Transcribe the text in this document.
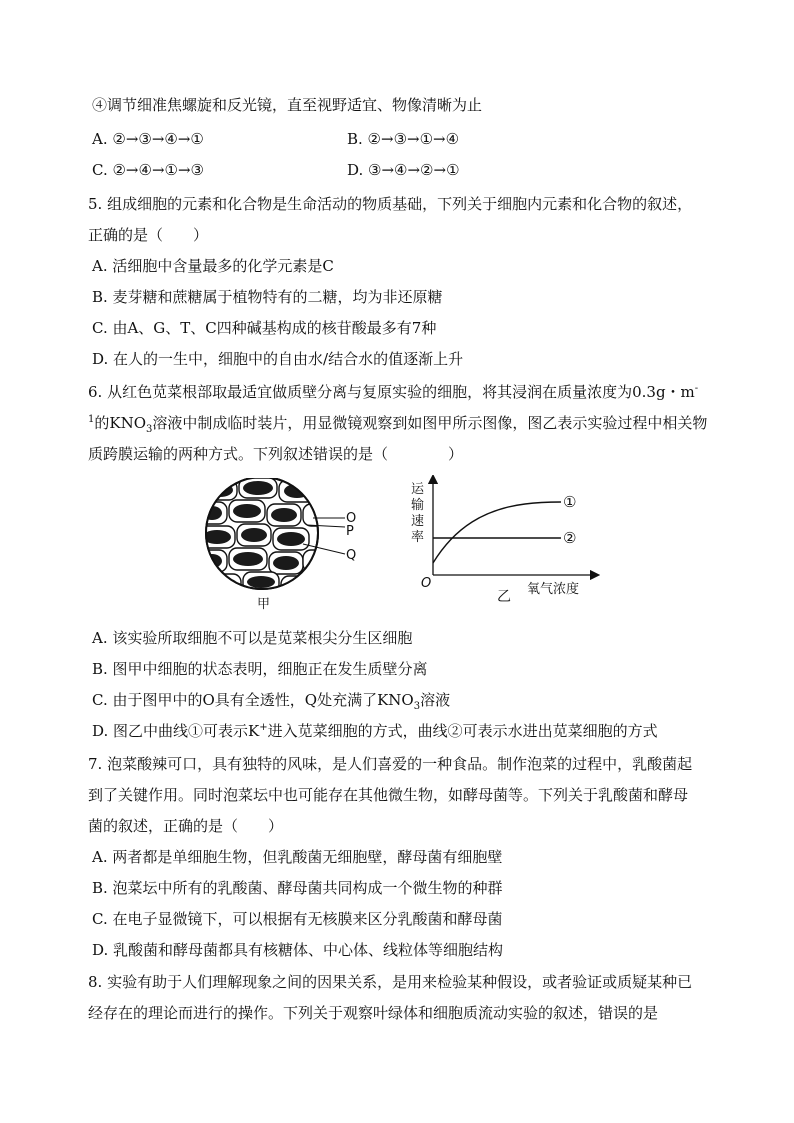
④调节细准焦螺旋和反光镜，直至视野适宜、物像清晰为止
A. ②→③→④→①	B. ②→③→①→④
C. ②→④→①→③	D. ③→④→②→①
5. 组成细胞的元素和化合物是生命活动的物质基础，下列关于细胞内元素和化合物的叙述，
正确的是（　　）
A. 活细胞中含量最多的化学元素是C
B. 麦芽糖和蔗糖属于植物特有的二糖，均为非还原糖
C. 由A、G、T、C四种碱基构成的核苷酸最多有7种
D. 在人的一生中，细胞中的自由水/结合水的值逐渐上升
6. 从红色苋菜根部取最适宜做质壁分离与复原实验的细胞，将其浸润在质量浓度为0.3g・m-
$^1$的$KNO_3$溶液中制成临时装片，用显微镜观察到如图甲所示图像，图乙表示实验过程中相关物
质跨膜运输的两种方式。下列叙述错误的是（　　　　）
O
P
Q
甲
运
输
速
率
O
①
②
氧气浓度
乙
A. 该实验所取细胞不可以是苋菜根尖分生区细胞
B. 图甲中细胞的状态表明，细胞正在发生质壁分离
C. 由于图甲中的O具有全透性，Q处充满了$KNO_3$溶液
D. 图乙中曲线①可表示K+进入苋菜细胞的方式，曲线②可表示水进出苋菜细胞的方式
7. 泡菜酸辣可口，具有独特的风味，是人们喜爱的一种食品。制作泡菜的过程中，乳酸菌起
到了关键作用。同时泡菜坛中也可能存在其他微生物，如酵母菌等。下列关于乳酸菌和酵母
菌的叙述，正确的是（　　）
A. 两者都是单细胞生物，但乳酸菌无细胞壁，酵母菌有细胞壁
B. 泡菜坛中所有的乳酸菌、酵母菌共同构成一个微生物的种群
C. 在电子显微镜下，可以根据有无核膜来区分乳酸菌和酵母菌
D. 乳酸菌和酵母菌都具有核糖体、中心体、线粒体等细胞结构
8. 实验有助于人们理解现象之间的因果关系，是用来检验某种假设，或者验证或质疑某种已
经存在的理论而进行的操作。下列关于观察叶绿体和细胞质流动实验的叙述，错误的是
